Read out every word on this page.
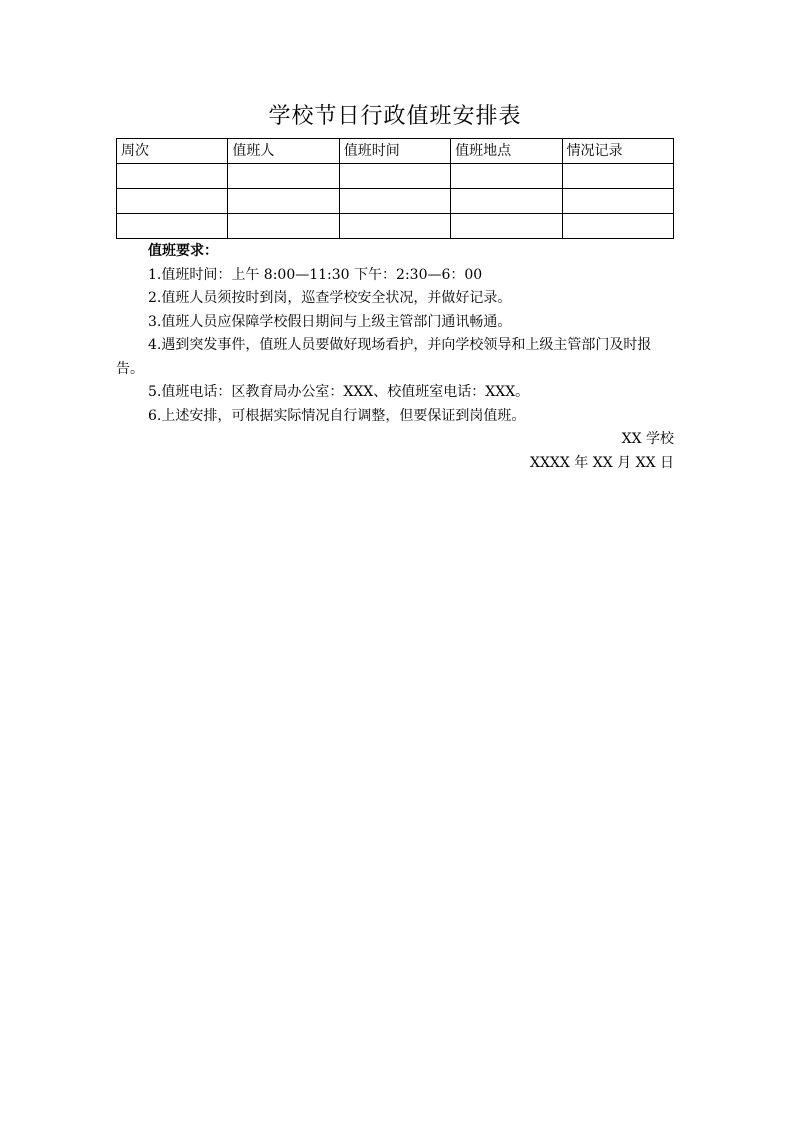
学校节日行政值班安排表
周次	值班人	值班时间	值班地点	情况记录

值班要求：

1.值班时间：上午 8:00—11:30 下午：2:30—6：00

2.值班人员须按时到岗，巡查学校安全状况，并做好记录。

3.值班人员应保障学校假日期间与上级主管部门通讯畅通。

4.遇到突发事件，值班人员要做好现场看护，并向学校领导和上级主管部门及时报告。

5.值班电话：区教育局办公室：XXX、校值班室电话：XXX。

6.上述安排，可根据实际情况自行调整，但要保证到岗值班。

XX 学校
XXXX 年 XX 月 XX 日
